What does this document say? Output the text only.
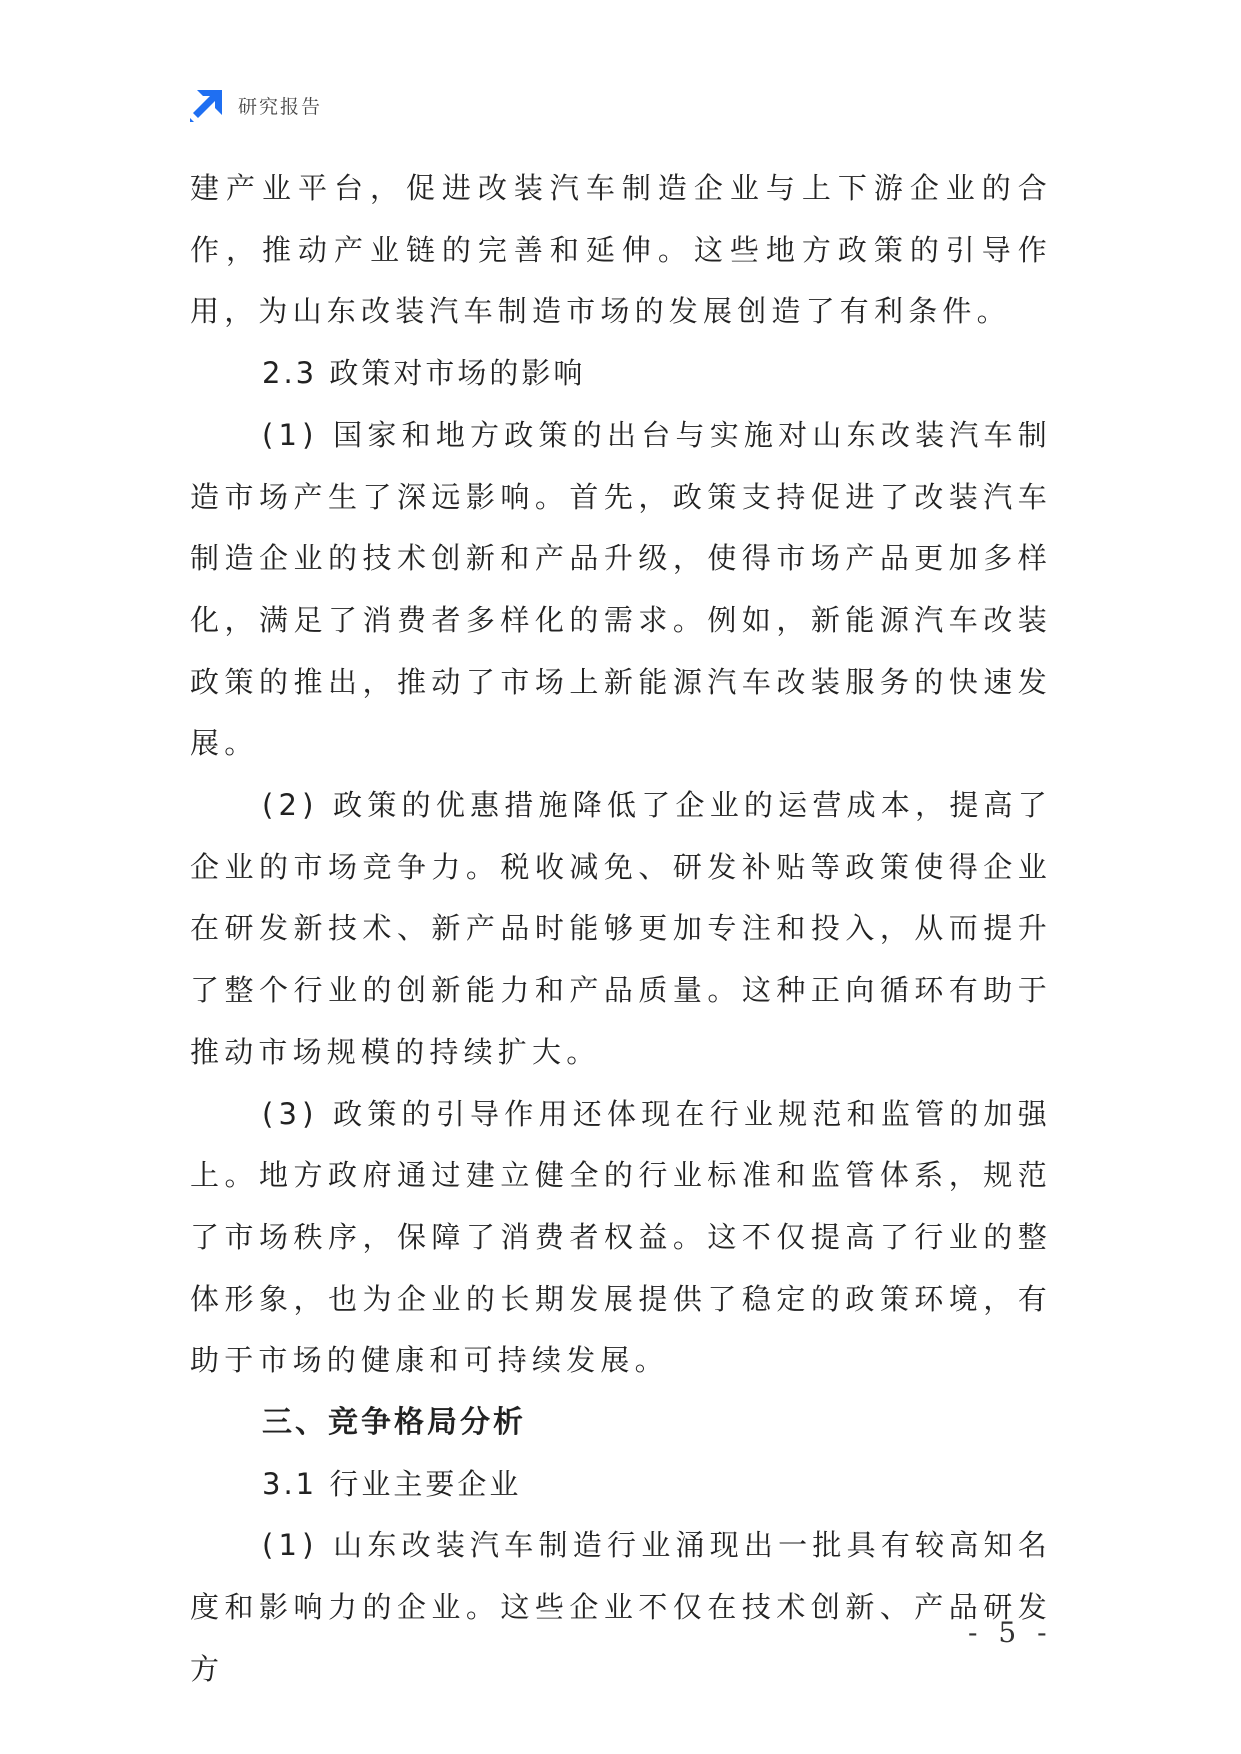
研究报告

建产业平台，促进改装汽车制造企业与上下游企业的合作，推动产业链的完善和延伸。这些地方政策的引导作用，为山东改装汽车制造市场的发展创造了有利条件。

2.3 政策对市场的影响

(1) 国家和地方政策的出台与实施对山东改装汽车制造市场产生了深远影响。首先，政策支持促进了改装汽车制造企业的技术创新和产品升级，使得市场产品更加多样化，满足了消费者多样化的需求。例如，新能源汽车改装政策的推出，推动了市场上新能源汽车改装服务的快速发展。

(2) 政策的优惠措施降低了企业的运营成本，提高了企业的市场竞争力。税收减免、研发补贴等政策使得企业在研发新技术、新产品时能够更加专注和投入，从而提升了整个行业的创新能力和产品质量。这种正向循环有助于推动市场规模的持续扩大。

(3) 政策的引导作用还体现在行业规范和监管的加强上。地方政府通过建立健全的行业标准和监管体系，规范了市场秩序，保障了消费者权益。这不仅提高了行业的整体形象，也为企业的长期发展提供了稳定的政策环境，有助于市场的健康和可持续发展。

三、竞争格局分析

3.1 行业主要企业

(1) 山东改装汽车制造行业涌现出一批具有较高知名度和影响力的企业。这些企业不仅在技术创新、产品研发方

- 5 -
